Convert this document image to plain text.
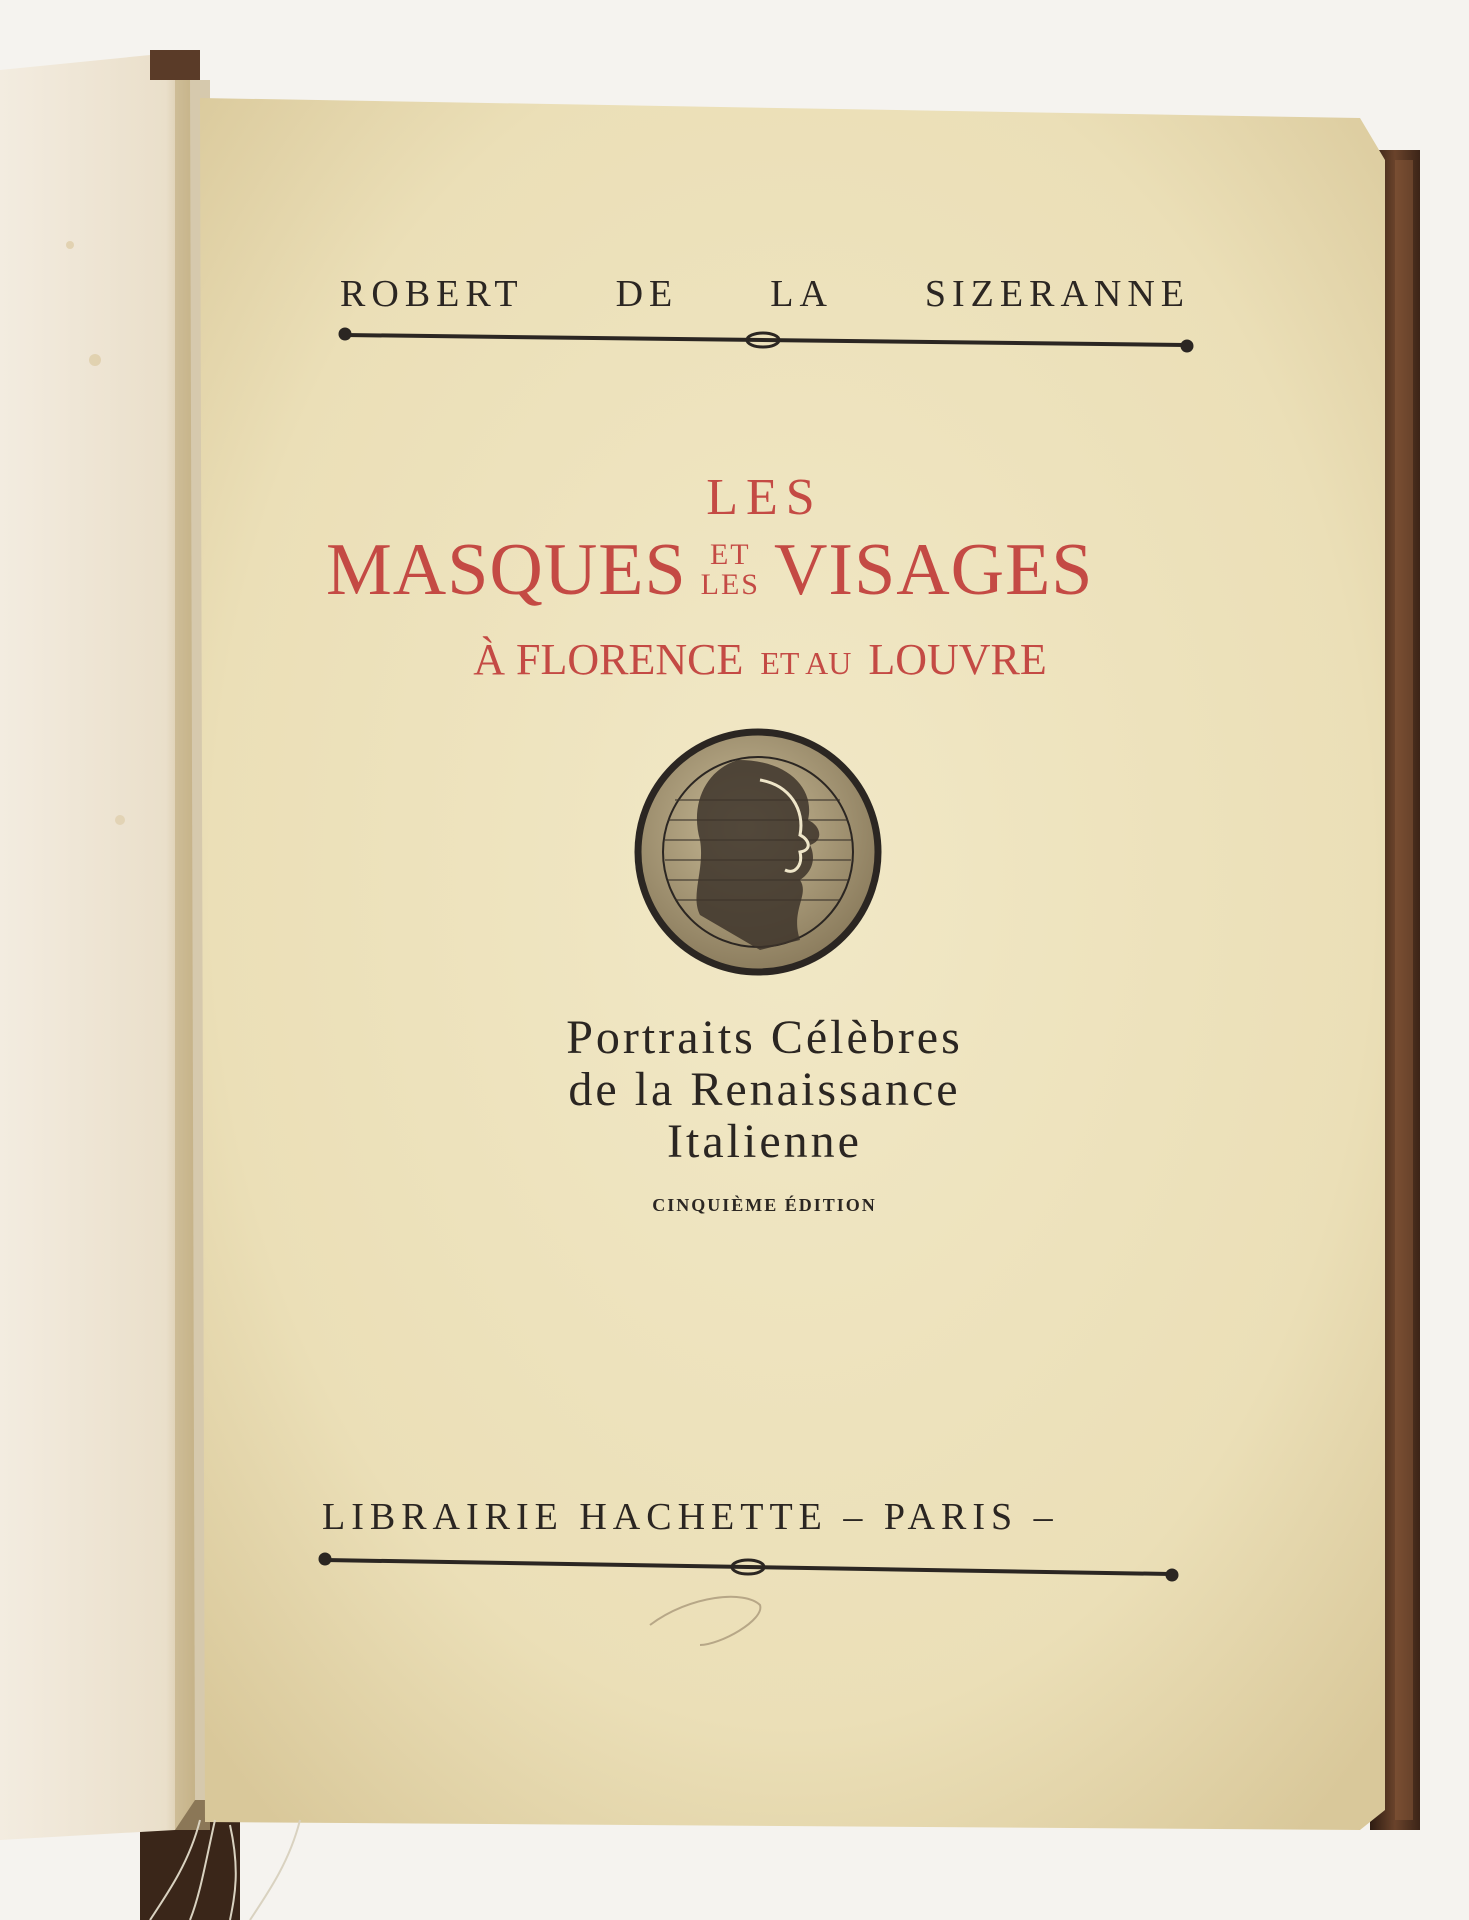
ROBERT DE LA SIZERANNE
LES
MASQUES ET
LES VISAGES
À FLORENCE ET AU LOUVRE
Portraits Célèbres
de la Renaissance
Italienne
CINQUIÈME ÉDITION
LIBRAIRIE HACHETTE – PARIS –
